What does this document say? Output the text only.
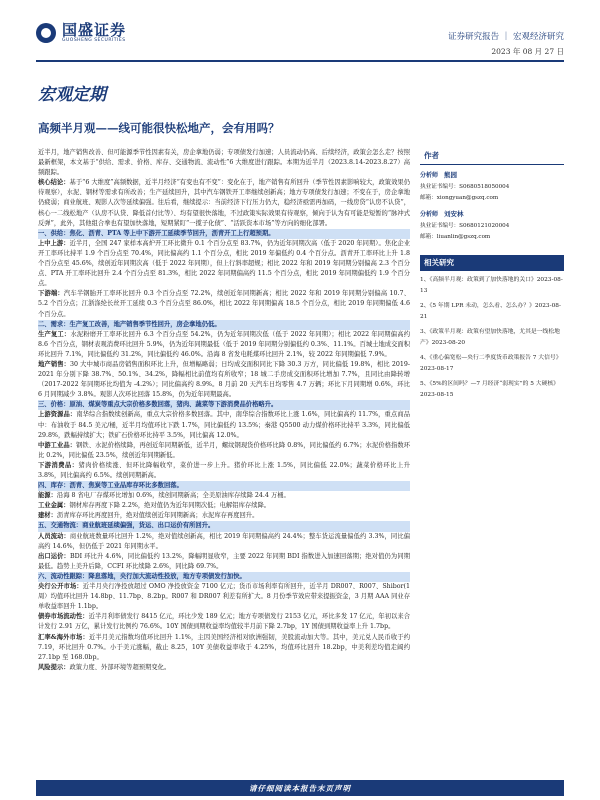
国盛证券
GUOSHENG SECURITIES	证券研究报告 ｜ 宏观经济研究
2023 年 08 月 27 日
宏观定期
高频半月观——线可能很快松地产，会有用吗？

近半月，地产销售改善、但可能源季节性因素有关，房企拿地仍弱；专项债发行加速；人员流动仍高、后续经济，政策会怎么走？按照最新框架，本文基于“供给、需求、价格、库存、交通物流、流动性”6 大维度进行跟踪。本期为近半月（2023.8.14-2023.8.27）高频跟踪。

核心结论：基于“6 大维度”高频数据，近半月经济“有变也有不变”：变化在于，地产销售有所回升（季节性因素影响较大，政策效果仍待观察），水泥、钢材等需求有所改善；生产延续回升，其中汽车钢铁开工率继续创新高；地方专项债发行加速；不变在于，房企拿地仍疲弱；商业航班、观影人次等延续偏强。往后看，继续提示：当前经济下行压力仍大，稳经济亟需再加码，一线房贷“认房不认贷”，核心一二线松地产（认房不认贷、降低首付比等）、均有望很快落地，不过政策实际效果有待观察，倾向于认为有可能是短暂的“脉冲式反弹”，此外，其他组合拳也有望加快落地，短期紧盯“一揽子化债”、“活跃资本市场”等方向的细化部署。

一、供给：焦化、沥青、PTA 等上中下游开工延续季节回升，沥青开工上行超预期。

上中上游：近半月，全国 247 家样本高炉开工环比微升 0.1 个百分点至 83.7%，仍为近年同期次高（低于 2020 年同期）。焦化企业开工率环比持平 1.9 个百分点至 70.4%，同比偏高约 1.1 个百分点，相比 2019 年偏低约 0.4 个百分点。沥青开工率环比上升 1.8 个百分点至 45.6%，续创近年同期次高（低于 2022 年同期），但上行斜率超规；相比 2022 年和 2019 年同期分别偏高 2.3 个百分点、PTA 开工率环比回升 2.4 个百分点至 81.3%，相比 2022 年同期偏高约 11.5 个百分点，相比 2019 年同期偏低约 1.9 个百分点。

下游端：汽车半钢胎开工率环比回升 0.3 个百分点至 72.2%，续创近年同期新高；相比 2022 年和 2019 年同期分别偏高 10.7、5.2 个百分点；江浙涤纶长丝开工延续 0.3 个百分点至 86.0%，相比 2022 年同期偏高 18.5 个百分点，相比 2019 年同期偏低 4.6 个百分点。

二、需求：生产复工改善，地产销售季节性回升，房企拿地仍低。

生产复工：水泥粉磨开工率环比回升 6.3 个百分点至 54.2%，仍为近年同期次低（低于 2022 年同期）；相比 2022 年同期偏高约 8.6 个百分点，钢材表观消费环比回升 5.9%，仍为近年同期最低（低于 2019 年同期分别偏低约 0.3%、11.1%。百城土地成交面积环比回升 7.1%，同比偏低约 31.2%，同比偏低约 46.0%。沿海 8 省发电耗煤环比回升 2.1%，较 2022 年同期偏低 7.9%。

地产销售：30 大中城市商品房销售面积环比上升，但增幅略弱；日均成交面积同比下降 30.3 万方，同比偏低 19.8%，相比 2019-2021 年分别下降 38.7%、50.1%、34.2%，降幅相比前值均有所收窄；18 城二手房成交面积环比增加 7.7%，且同比由降转增（2017-2022 年同期环比均值为 -4.2%）；同比偏高约 8.9%。8 月前 20 天汽车日均零售 4.7 万辆；环比下月同期增 0.6%，环比 6 月同期减少 3.8%。观影人次环比回落 15.8%，仍为近年同期最高。

三、价格：原油、煤炭等重点大宗价格多数回落，猪肉、蔬菜等下游消费品价格略升。

上游资源品：南华综合指数续创新高，重点大宗价格多数回落。其中，南华综合指数环比上涨 1.6%，同比偏高约 11.7%，重点商品中：布油收于 84.5 美元/桶，近半月均值环比下跌 1.7%，同比偏低约 13.5%；秦港 Q5500 动力煤价格环比持平 3.3%，同比偏低 29.8%，跌幅持续扩大；铁矿石价格环比持平 3.5%，同比偏高 12.0%。

中游工业品：钢铁、水泥价格续降，再创近年同期新低，近半月，螺纹钢现货价格环比降 0.8%，同比偏低约 6.7%；水泥价格指数环比 0.2%，同比偏低 23.5%，续创近年同期新低。

下游消费品：猪肉价格续涨、但环比降幅收窄，菜价进一步上升。猪价环比上涨 1.5%，同比偏低 22.0%；蔬菜价格环比上升 3.8%，同比偏高约 6.5%。续创同期新高。

四、库存：沥青、焦炭等工业品库存环比多数回落。

能源：沿海 8 省电厂存煤环比增加 0.6%，续创同期新高；全美原油库存续降 24.4 万桶。

工业金属：钢材库存再度下降 2.2%，绝对值仍为近年同期次低；电解铝库存续降。

建材：沥青库存环比再度回升，绝对值续创近年同期新高；水泥库存再度回升。

五、交通物流：商业航班延续偏强，货运、出口运价有所回升。

人员流动：商业航班数量环比回升 1.2%，绝对值续创新高，相比 2019 年同期偏高约 24.4%；整车货运流量偏低约 3.3%，同比偏高约 14.6%，但仍低于 2021 年同期水平。

出口运价：BDI 环比升 4.6%，同比偏低约 13.2%，降幅明显收窄，主要 2022 年同期 BDI 指数进入加速回落期；绝对值仍为同期最低。趋势上美升后降，CCFI 环比续降 2.6%，同比降 69.7%。

六、流动性跟踪：降息落地，央行加大流动性投放，地方专项债发行加快。

央行公开市场：近半月央行净投放超过 OMO 净投放资金 7100 亿元；货币市场利率有所回升，近半月 DR007、R007、Shibor(1 周）均值环比回升 14.8bp、11.7bp、8.2bp。R007 和 DR007 利差有所扩大。8 月份季节效应带来提振资金，3 月期 AAA 同业存单收益率回升 1.1bp。

债券市场流动性：近半月利率债发行 8415 亿元，环比少发 189 亿元；地方专项债发行 2153 亿元，环比多发 17 亿元，年初以来合计发行 2.91 万亿，累计发行比例约 76.6%。10Y 国债到期收益率均值较半月前下降 2.7bp，1Y 国债到期收益率上升 1.7bp。

汇率&海外市场：近半月美元指数均值环比回升 1.1%，主因美国经济相对欧洲强韧，美股流动加大等。其中，美元兑人民币收于约 7.19，环比回升 0.7%。小于美元涨幅，截止 8.25，10Y 美债收益率收于 4.25%，均值环比回升 18.2bp，中美利差均值走阔约 27.1bp 至 168.0bp。

风险提示：政策力度、外部环境等超预期变化。

作者
分析师 熊园
执业证书编号：S0680518050004
邮箱：xiongyuan@gszq.com
分析师 刘安林
执业证书编号：S0680121020004
邮箱：liuanlin@gszq.com
相关研究
1、《高频半月观：政策到了加快落地的关口》2023-08-13
2、《5 年期 LPR 未动，怎么看、怎么办？》2023-08-21
3、《政策半月观：政策有望加快落地，尤其是一线松地产》2023-08-20
4、《重心偏宽松—央行二季度货币政策报告 7 大信号》2023-08-17
5、《5%的区间吗？—7 月经济“弱现实”的 5 大硬核》2023-08-15
请仔细阅读本报告末页声明
